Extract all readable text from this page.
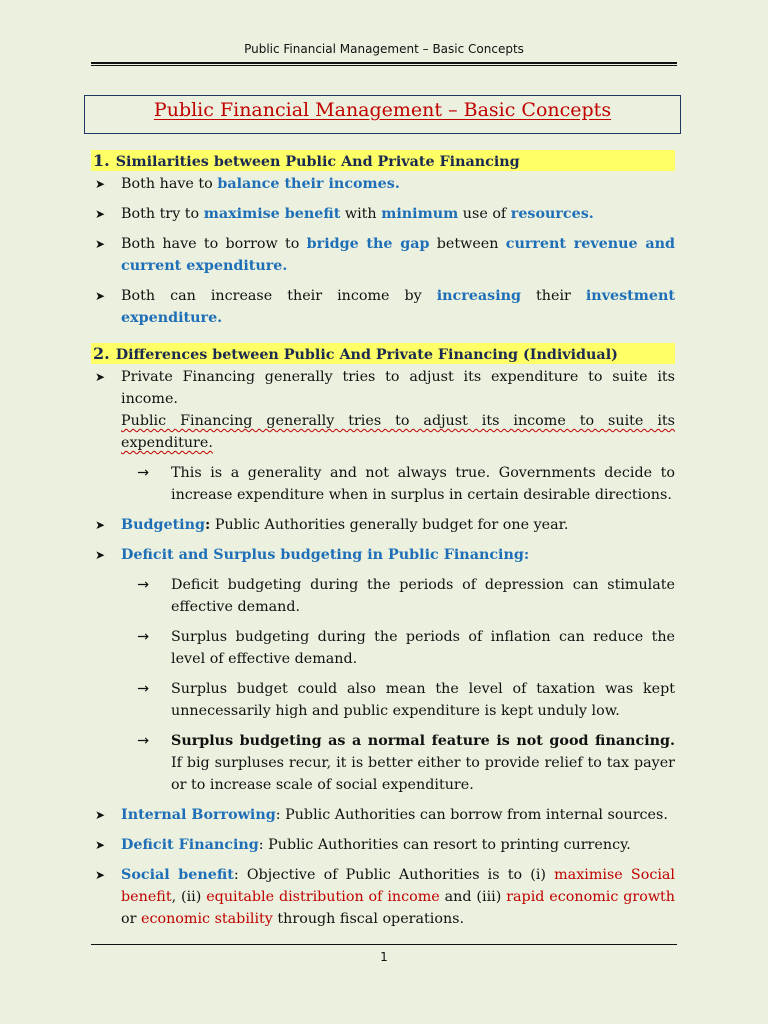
Public Financial Management – Basic Concepts
Public Financial Management – Basic Concepts
1. Similarities between Public And Private Financing
➤ Both have to balance their incomes.
➤ Both try to maximise benefit with minimum use of resources.
➤ Both have to borrow to bridge the gap between current revenue and current expenditure.
➤ Both can increase their income by increasing their investment expenditure.
2. Differences between Public And Private Financing (Individual)
➤ Private Financing generally tries to adjust its expenditure to suite its income.
Public Financing generally tries to adjust its income to suite its expenditure.
→ This is a generality and not always true. Governments decide to increase expenditure when in surplus in certain desirable directions.
➤ Budgeting: Public Authorities generally budget for one year.
➤ Deficit and Surplus budgeting in Public Financing:
→ Deficit budgeting during the periods of depression can stimulate effective demand.
→ Surplus budgeting during the periods of inflation can reduce the level of effective demand.
→ Surplus budget could also mean the level of taxation was kept unnecessarily high and public expenditure is kept unduly low.
→ Surplus budgeting as a normal feature is not good financing. If big surpluses recur, it is better either to provide relief to tax payer or to increase scale of social expenditure.
➤ Internal Borrowing: Public Authorities can borrow from internal sources.
➤ Deficit Financing: Public Authorities can resort to printing currency.
➤ Social benefit: Objective of Public Authorities is to (i) maximise Social benefit, (ii) equitable distribution of income and (iii) rapid economic growth or economic stability through fiscal operations.
1
